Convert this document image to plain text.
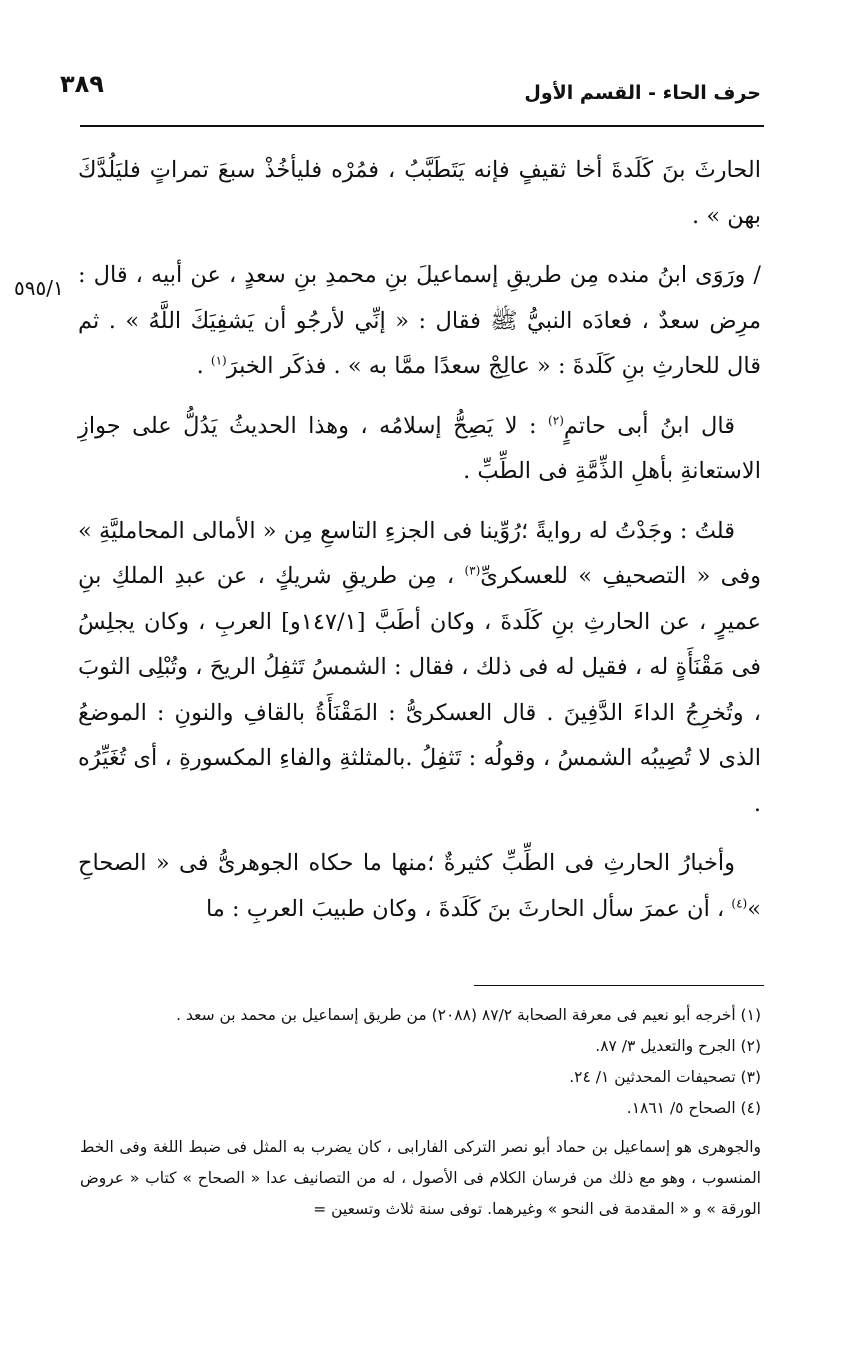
٣٨٩	حرف الحاء - القسم الأول
٥٩٥/١

الحارثَ بنَ كَلَدةَ أخا ثقيفٍ فإنه يَتَطَبَّبُ ، فمُرْه فليأخُذْ سبعَ تمراتٍ فليَلُدَّكَ بهن » .

/ ورَوَى ابنُ منده مِن طريقِ إسماعيلَ بنِ محمدِ بنِ سعدٍ ، عن أبيه ، قال : مرِض سعدٌ ، فعادَه النبيُّ ﷺ فقال : « إنِّي لأرجُو أن يَشفِيَكَ اللَّهُ » . ثم قال للحارثِ بنِ كَلَدةَ : « عالِجْ سعدًا ممَّا به » . فذكَر الخبرَ$^{(١)}$ .

قال ابنُ أبى حاتمٍ$^{(٢)}$ : لا يَصِحُّ إسلامُه ، وهذا الحديثُ يَدُلُّ على جوازِ الاستعانةِ بأهلِ الذِّمَّةِ فى الطِّبِّ .

قلتُ : وجَدْتُ له روايةً ؛رُوِّينا فى الجزءِ التاسعِ مِن « الأمالى المحامليَّةِ » وفى « التصحيفِ » للعسكرىِّ$^{(٣)}$ ، مِن طريقِ شريكٍ ، عن عبدِ الملكِ بنِ عميرٍ ، عن الحارثِ بنِ كَلَدةَ ، وكان أطَبَّ [١٤٧/١و] العربِ ، وكان يجلِسُ فى مَقْنَأَةٍ له ، فقيل له فى ذلك ، فقال : الشمسُ تَثفِلُ الريحَ ، وتُبْلِى الثوبَ ، وتُخرِجُ الداءَ الدَّفِينَ . قال العسكرىُّ : المَقْنَأَةُ بالقافِ والنونِ : الموضعُ الذى لا تُصِيبُه الشمسُ ، وقولُه : تَثفِلُ .بالمثلثةِ والفاءِ المكسورةِ ، أى تُغَيِّرُه .

وأخبارُ الحارثِ فى الطِّبِّ كثيرةٌ ؛منها ما حكاه الجوهرىُّ فى « الصحاحِ »$^{(٤)}$ ، أن عمرَ سأل الحارثَ بنَ كَلَدةَ ، وكان طبيبَ العربِ : ما

(١) أخرجه أبو نعيم فى معرفة الصحابة ٨٧/٢ (٢٠٨٨) من طريق إسماعيل بن محمد بن سعد .

(٢) الجرح والتعديل ٣/ ٨٧.

(٣) تصحيفات المحدثين ١/ ٢٤.

(٤) الصحاح ٥/ ١٨٦١.

والجوهرى هو إسماعيل بن حماد أبو نصر التركى الفارابى ، كان يضرب به المثل فى ضبط اللغة وفى الخط المنسوب ، وهو مع ذلك من فرسان الكلام فى الأصول ، له من التصانيف عدا « الصحاح » كتاب « عروض الورقة » و « المقدمة فى النحو » وغيرهما. توفى سنة ثلاث وتسعين =
